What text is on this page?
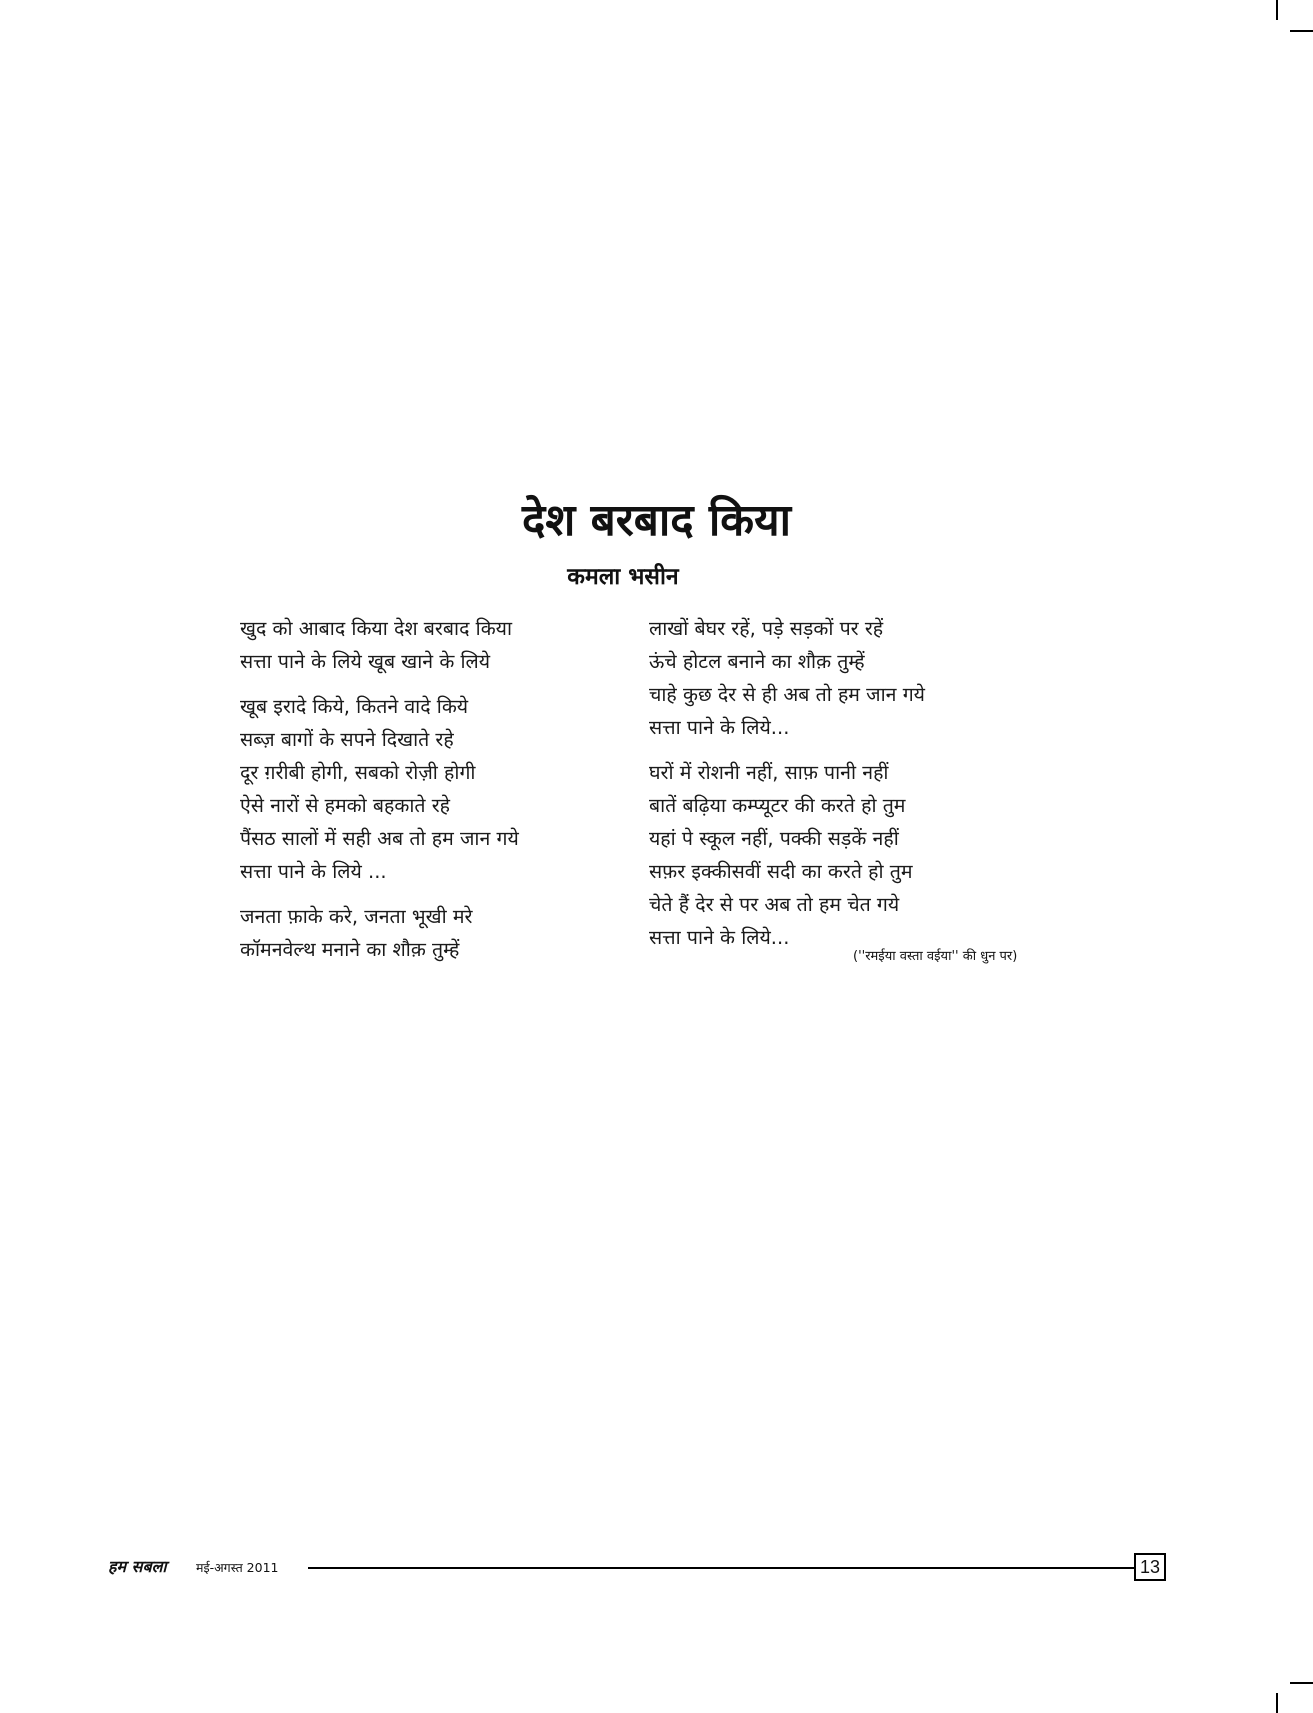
देश बरबाद किया
कमला भसीन
खुद को आबाद किया देश बरबाद किया
सत्ता पाने के लिये खूब खाने के लिये
खूब इरादे किये, कितने वादे किये
सब्ज़ बागों के सपने दिखाते रहे
दूर ग़रीबी होगी, सबको रोज़ी होगी
ऐसे नारों से हमको बहकाते रहे
पैंसठ सालों में सही अब तो हम जान गये
सत्ता पाने के लिये ...
जनता फ़ाके करे, जनता भूखी मरे
कॉमनवेल्थ मनाने का शौक़ तुम्हें
लाखों बेघर रहें, पड़े सड़कों पर रहें
ऊंचे होटल बनाने का शौक़ तुम्हें
चाहे कुछ देर से ही अब तो हम जान गये
सत्ता पाने के लिये...
घरों में रोशनी नहीं, साफ़ पानी नहीं
बातें बढ़िया कम्प्यूटर की करते हो तुम
यहां पे स्कूल नहीं, पक्की सड़कें नहीं
सफ़र इक्कीसवीं सदी का करते हो तुम
चेते हैं देर से पर अब तो हम चेत गये
सत्ता पाने के लिये...
(''रमईया वस्ता वईया'' की धुन पर)
हम सबला मई-अगस्त 2011	13
